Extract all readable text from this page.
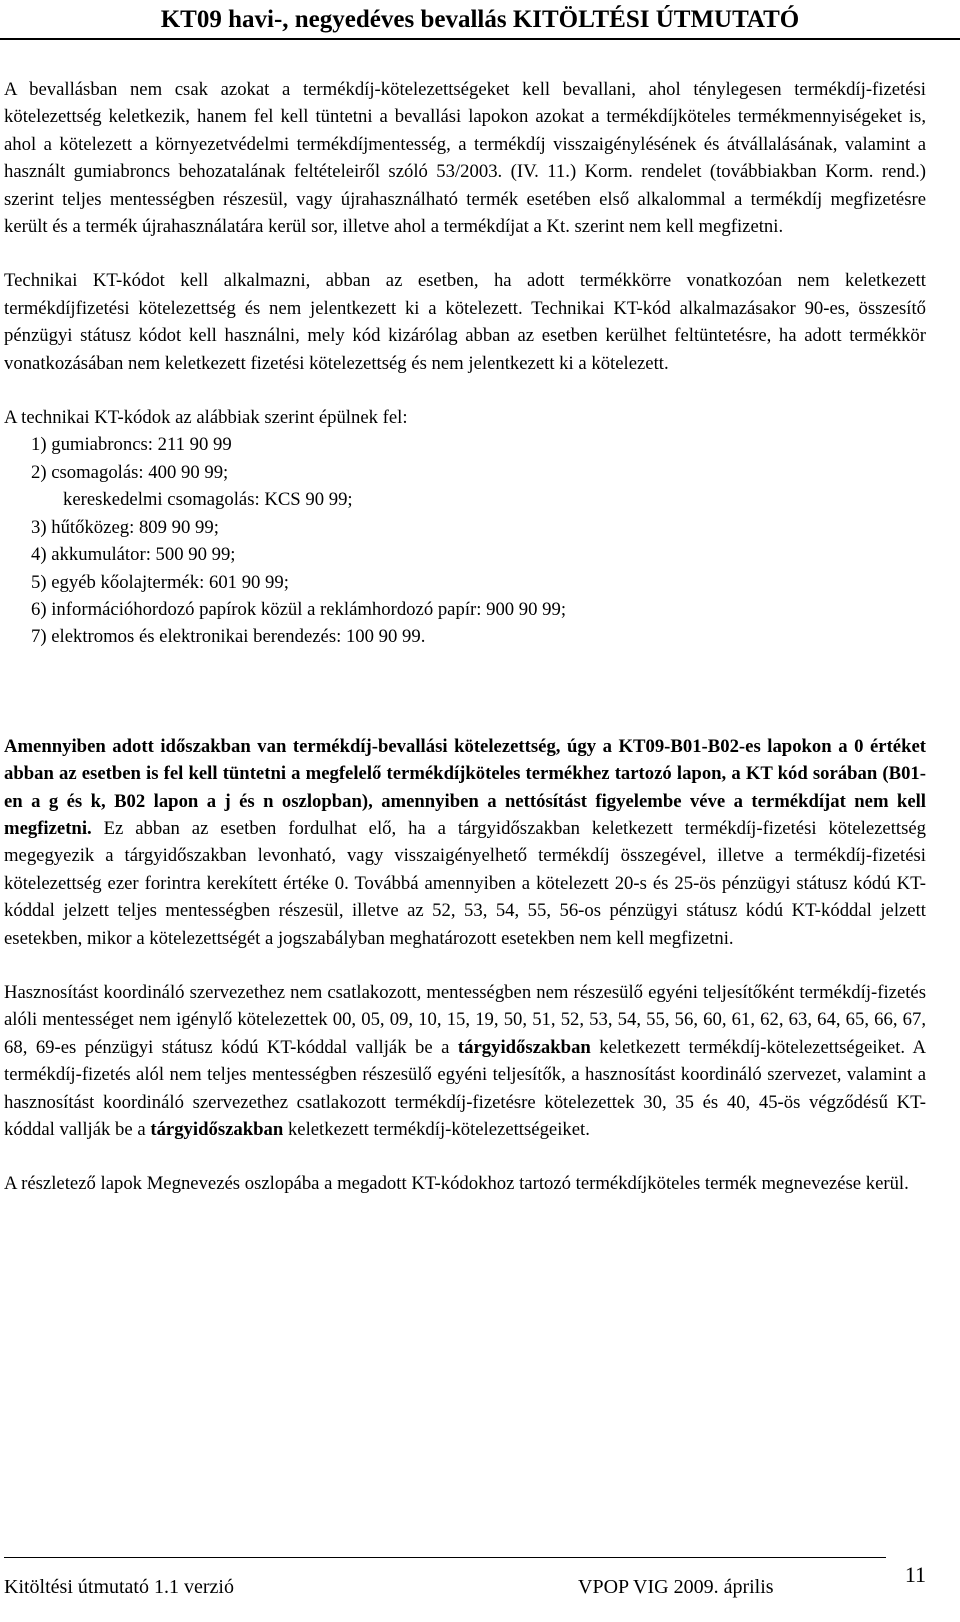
KT09 havi-, negyedéves bevallás KITÖLTÉSI ÚTMUTATÓ

A bevallásban nem csak azokat a termékdíj-kötelezettségeket kell bevallani, ahol ténylegesen termékdíj-fizetési kötelezettség keletkezik, hanem fel kell tüntetni a bevallási lapokon azokat a termékdíjköteles termékmennyiségeket is, ahol a kötelezett a környezetvédelmi termékdíjmentesség, a termékdíj visszaigénylésének és átvállalásának, valamint a használt gumiabroncs behozatalának feltételeiről szóló 53/2003. (IV. 11.) Korm. rendelet (továbbiakban Korm. rend.) szerint teljes mentességben részesül, vagy újrahasználható termék esetében első alkalommal a termékdíj megfizetésre került és a termék újrahasználatára kerül sor, illetve ahol a termékdíjat a Kt. szerint nem kell megfizetni.

Technikai KT-kódot kell alkalmazni, abban az esetben, ha adott termékkörre vonatkozóan nem keletkezett termékdíjfizetési kötelezettség és nem jelentkezett ki a kötelezett. Technikai KT-kód alkalmazásakor 90-es, összesítő pénzügyi státusz kódot kell használni, mely kód kizárólag abban az esetben kerülhet feltüntetésre, ha adott termékkör vonatkozásában nem keletkezett fizetési kötelezettség és nem jelentkezett ki a kötelezett.

A technikai KT-kódok az alábbiak szerint épülnek fel:

1) gumiabroncs: 211 90 99
2) csomagolás: 400 90 99;
kereskedelmi csomagolás: KCS 90 99;
3) hűtőközeg: 809 90 99;
4) akkumulátor: 500 90 99;
5) egyéb kőolajtermék: 601 90 99;
6) információhordozó papírok közül a reklámhordozó papír: 900 90 99;
7) elektromos és elektronikai berendezés: 100 90 99.

Amennyiben adott időszakban van termékdíj-bevallási kötelezettség, úgy a KT09-B01-B02-es lapokon a 0 értéket abban az esetben is fel kell tüntetni a megfelelő termékdíjköteles termékhez tartozó lapon, a KT kód sorában (B01-en a g és k, B02 lapon a j és n oszlopban), amennyiben a nettósítást figyelembe véve a termékdíjat nem kell megfizetni. Ez abban az esetben fordulhat elő, ha a tárgyidőszakban keletkezett termékdíj-fizetési kötelezettség megegyezik a tárgyidőszakban levonható, vagy visszaigényelhető termékdíj összegével, illetve a termékdíj-fizetési kötelezettség ezer forintra kerekített értéke 0. Továbbá amennyiben a kötelezett 20-s és 25-ös pénzügyi státusz kódú KT-kóddal jelzett teljes mentességben részesül, illetve az 52, 53, 54, 55, 56-os pénzügyi státusz kódú KT-kóddal jelzett esetekben, mikor a kötelezettségét a jogszabályban meghatározott esetekben nem kell megfizetni.

Hasznosítást koordináló szervezethez nem csatlakozott, mentességben nem részesülő egyéni teljesítőként termékdíj-fizetés alóli mentességet nem igénylő kötelezettek 00, 05, 09, 10, 15, 19, 50, 51, 52, 53, 54, 55, 56, 60, 61, 62, 63, 64, 65, 66, 67, 68, 69-es pénzügyi státusz kódú KT-kóddal vallják be a tárgyidőszakban keletkezett termékdíj-kötelezettségeiket. A termékdíj-fizetés alól nem teljes mentességben részesülő egyéni teljesítők, a hasznosítást koordináló szervezet, valamint a hasznosítást koordináló szervezethez csatlakozott termékdíj-fizetésre kötelezettek 30, 35 és 40, 45-ös végződésű KT-kóddal vallják be a tárgyidőszakban keletkezett termékdíj-kötelezettségeiket.

A részletező lapok Megnevezés oszlopába a megadott KT-kódokhoz tartozó termékdíjköteles termék megnevezése kerül.

Kitöltési útmutató 1.1 verzió	VPOP VIG 2009. április	11
